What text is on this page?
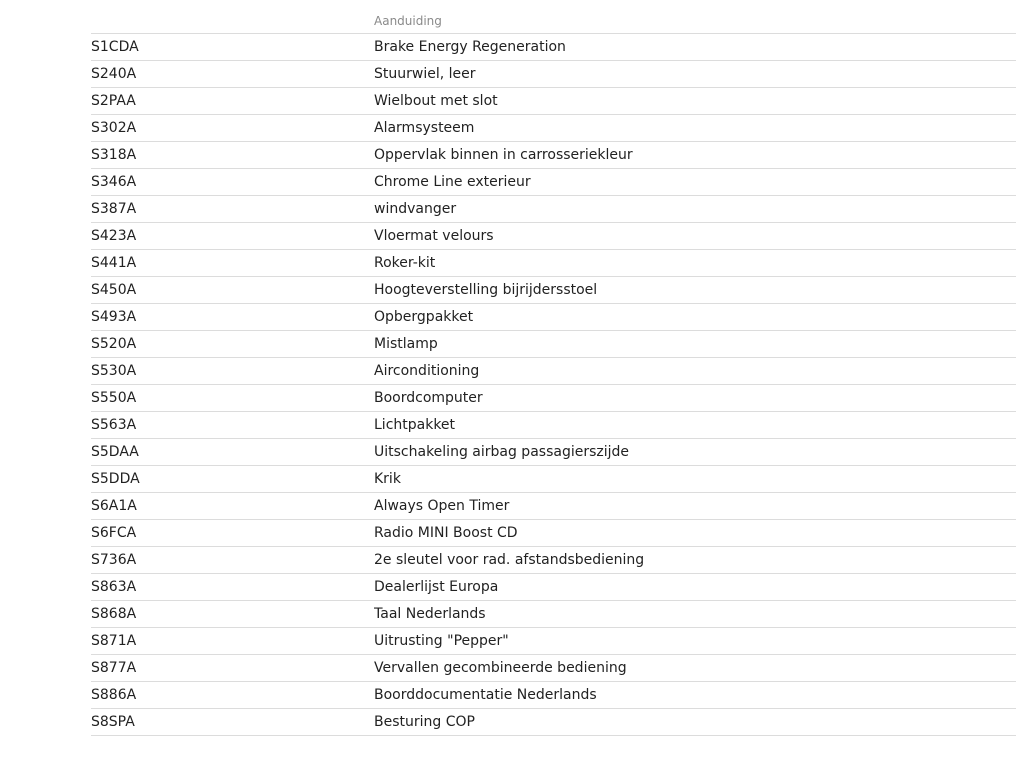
	Aanduiding
S1CDA	Brake Energy Regeneration
S240A	Stuurwiel, leer
S2PAA	Wielbout met slot
S302A	Alarmsysteem
S318A	Oppervlak binnen in carrosseriekleur
S346A	Chrome Line exterieur
S387A	windvanger
S423A	Vloermat velours
S441A	Roker-kit
S450A	Hoogteverstelling bijrijdersstoel
S493A	Opbergpakket
S520A	Mistlamp
S530A	Airconditioning
S550A	Boordcomputer
S563A	Lichtpakket
S5DAA	Uitschakeling airbag passagierszijde
S5DDA	Krik
S6A1A	Always Open Timer
S6FCA	Radio MINI Boost CD
S736A	2e sleutel voor rad. afstandsbediening
S863A	Dealerlijst Europa
S868A	Taal Nederlands
S871A	Uitrusting "Pepper"
S877A	Vervallen gecombineerde bediening
S886A	Boorddocumentatie Nederlands
S8SPA	Besturing COP
